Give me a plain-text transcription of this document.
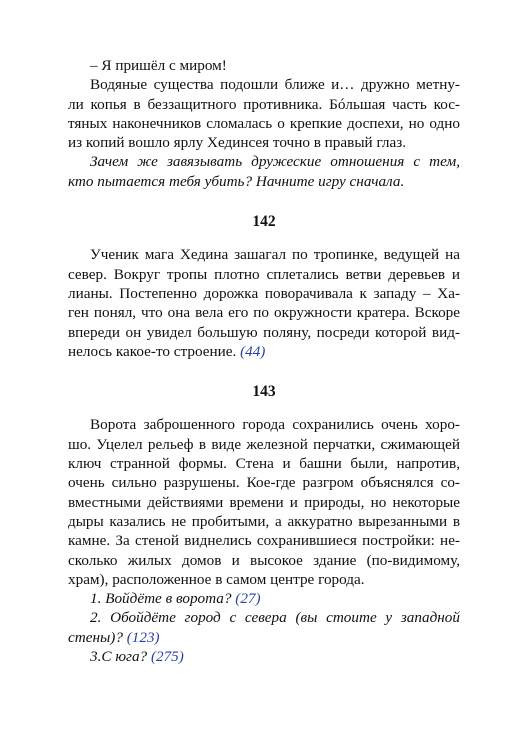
– Я пришёл с миром!
Водяные существа подошли ближе и… дружно метну-
ли копья в беззащитного противника. Бóльшая часть кос-
тяных наконечников сломалась о крепкие доспехи, но одно
из копий вошло ярлу Хединсея точно в правый глаз.
Зачем же завязывать дружеские отношения с тем,
кто пытается тебя убить? Начните игру сначала.
142
Ученик мага Хедина зашагал по тропинке, ведущей на
север. Вокруг тропы плотно сплетались ветви деревьев и
лианы. Постепенно дорожка поворачивала к западу – Ха-
ген понял, что она вела его по окружности кратера. Вскоре
впереди он увидел большую поляну, посреди которой вид-
нелось какое-то строение. (44)
143
Ворота заброшенного города сохранились очень хоро-
шо. Уцелел рельеф в виде железной перчатки, сжимающей
ключ странной формы. Стена и башни были, напротив,
очень сильно разрушены. Кое-где разгром объяснялся со-
вместными действиями времени и природы, но некоторые
дыры казались не пробитыми, а аккуратно вырезанными в
камне. За стеной виднелись сохранившиеся постройки: не-
сколько жилых домов и высокое здание (по-видимому,
храм), расположенное в самом центре города.
1. Войдёте в ворота? (27)
2. Обойдёте город с севера (вы стоите у западной
стены)? (123)
3.С юга? (275)
